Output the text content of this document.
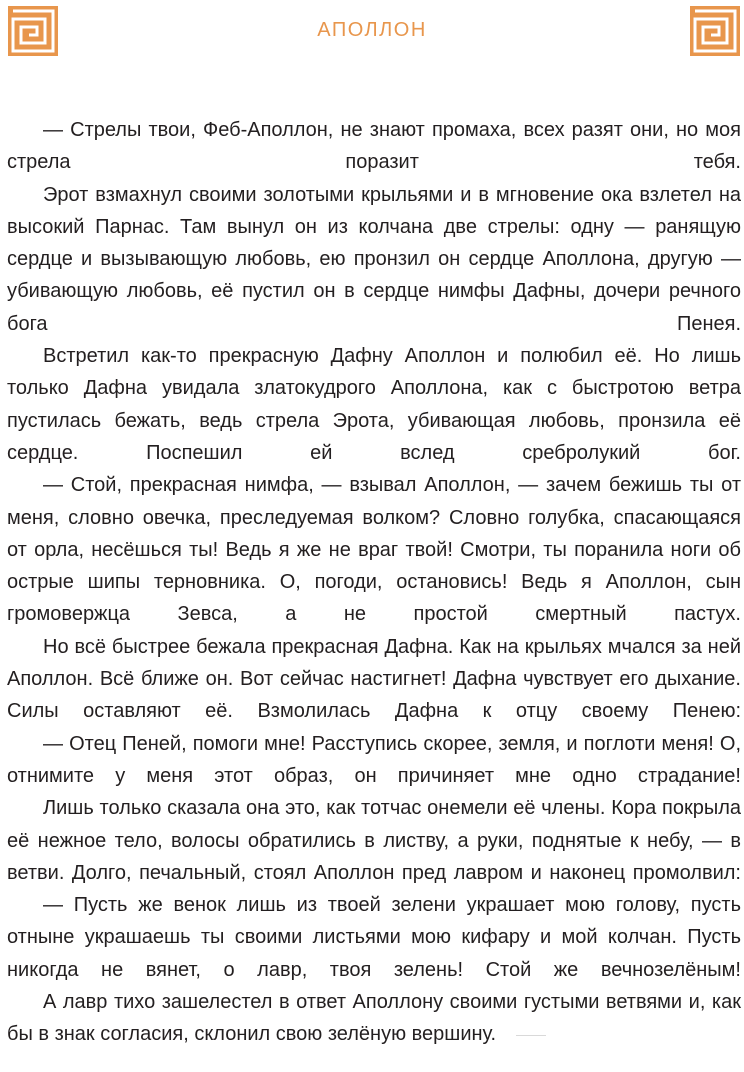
АПОЛЛОН

— Стрелы твои, Феб-Аполлон, не знают промаха, всех разят они, но моя стрела поразит тебя.

Эрот взмахнул своими золотыми крыльями и в мгновение ока взлетел на высокий Парнас. Там вынул он из колчана две стрелы: одну — ранящую сердце и вызывающую любовь, ею пронзил он сердце Аполлона, другую — убивающую любовь, её пустил он в сердце нимфы Дафны, дочери речного бога Пенея.

Встретил как-то прекрасную Дафну Аполлон и полюбил её. Но лишь только Дафна увидала златокудрого Аполлона, как с быстротою ветра пустилась бежать, ведь стрела Эрота, убивающая любовь, пронзила её сердце. Поспешил ей вслед сребролукий бог.

— Стой, прекрасная нимфа, — взывал Аполлон, — зачем бежишь ты от меня, словно овечка, преследуемая волком? Словно голубка, спасающаяся от орла, несёшься ты! Ведь я же не враг твой! Смотри, ты поранила ноги об острые шипы терновника. О, погоди, остановись! Ведь я Аполлон, сын громовержца Зевса, а не простой смертный пастух.

Но всё быстрее бежала прекрасная Дафна. Как на крыльях мчался за ней Аполлон. Всё ближе он. Вот сейчас настигнет! Дафна чувствует его дыхание. Силы оставляют её. Взмолилась Дафна к отцу своему Пенею:

— Отец Пеней, помоги мне! Расступись скорее, земля, и поглоти меня! О, отнимите у меня этот образ, он причиняет мне одно страдание!

Лишь только сказала она это, как тотчас онемели её члены. Кора покрыла её нежное тело, волосы обратились в листву, а руки, поднятые к небу, — в ветви. Долго, печальный, стоял Аполлон пред лавром и наконец промолвил:

— Пусть же венок лишь из твоей зелени украшает мою голову, пусть отныне украшаешь ты своими листьями мою кифару и мой колчан. Пусть никогда не вянет, о лавр, твоя зелень! Стой же вечнозелёным!

А лавр тихо зашелестел в ответ Аполлону своими густыми ветвями и, как бы в знак согласия, склонил свою зелёную вершину.
